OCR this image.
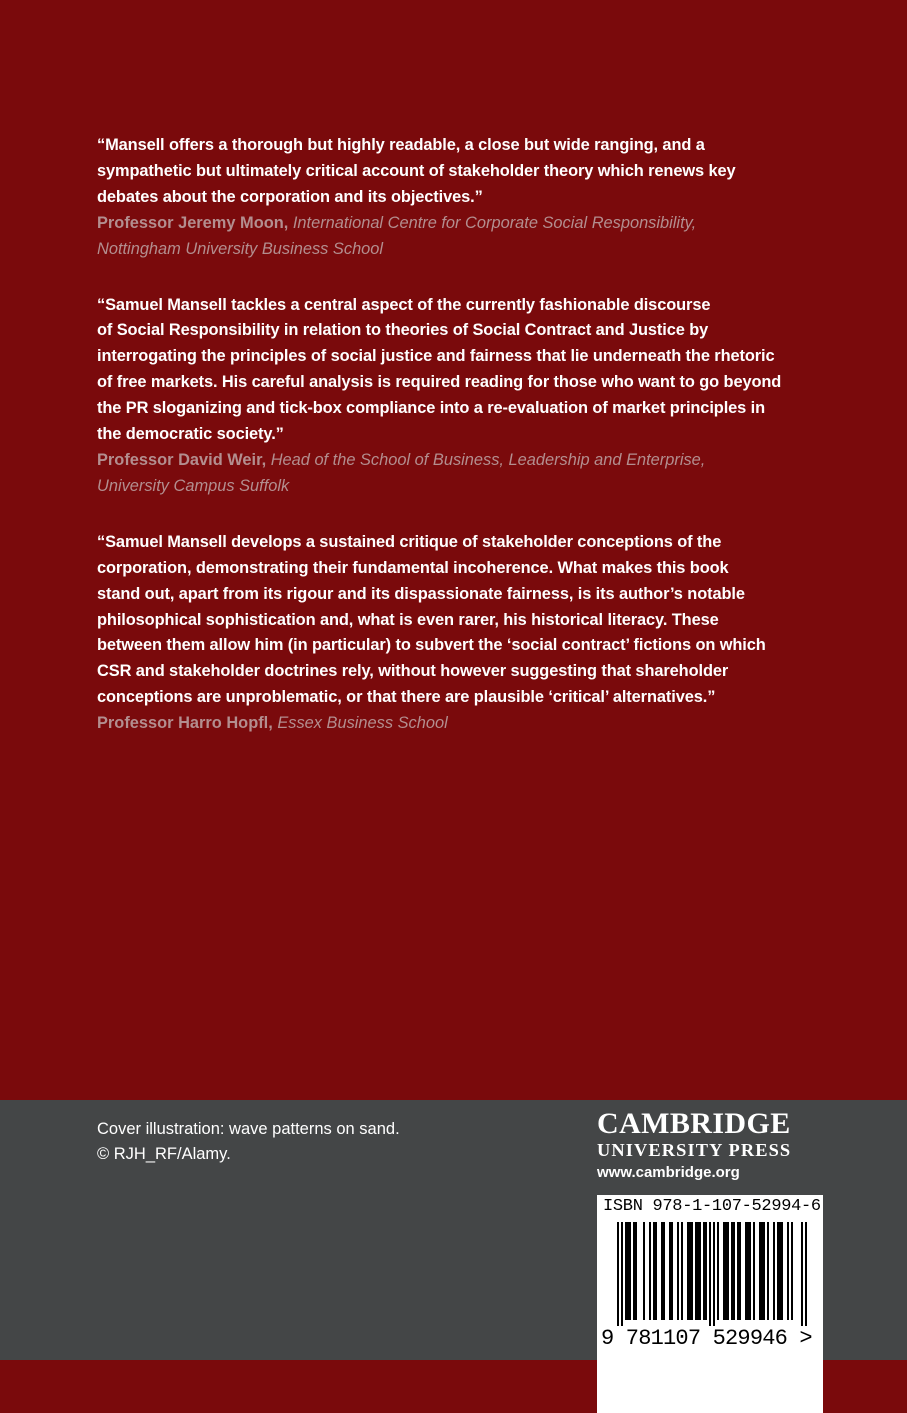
“Mansell offers a thorough but highly readable, a close but wide ranging, and a
sympathetic but ultimately critical account of stakeholder theory which renews key
debates about the corporation and its objectives.”

Professor Jeremy Moon, International Centre for Corporate Social Responsibility,
Nottingham University Business School

“Samuel Mansell tackles a central aspect of the currently fashionable discourse
of Social Responsibility in relation to theories of Social Contract and Justice by
interrogating the principles of social justice and fairness that lie underneath the rhetoric
of free markets. His careful analysis is required reading for those who want to go beyond
the PR sloganizing and tick-box compliance into a re-evaluation of market principles in
the democratic society.”

Professor David Weir, Head of the School of Business, Leadership and Enterprise,
University Campus Suffolk

“Samuel Mansell develops a sustained critique of stakeholder conceptions of the
corporation, demonstrating their fundamental incoherence. What makes this book
stand out, apart from its rigour and its dispassionate fairness, is its author’s notable
philosophical sophistication and, what is even rarer, his historical literacy. These
between them allow him (in particular) to subvert the ‘social contract’ fictions on which
CSR and stakeholder doctrines rely, without however suggesting that shareholder
conceptions are unproblematic, or that there are plausible ‘critical’ alternatives.”

Professor Harro Hopfl, Essex Business School
Cover illustration: wave patterns on sand.
© RJH_RF/Alamy.
CAMBRIDGE
UNIVERSITY PRESS
www.cambridge.org
ISBN 978-1-107-52994-6
9 781107 529946 >
